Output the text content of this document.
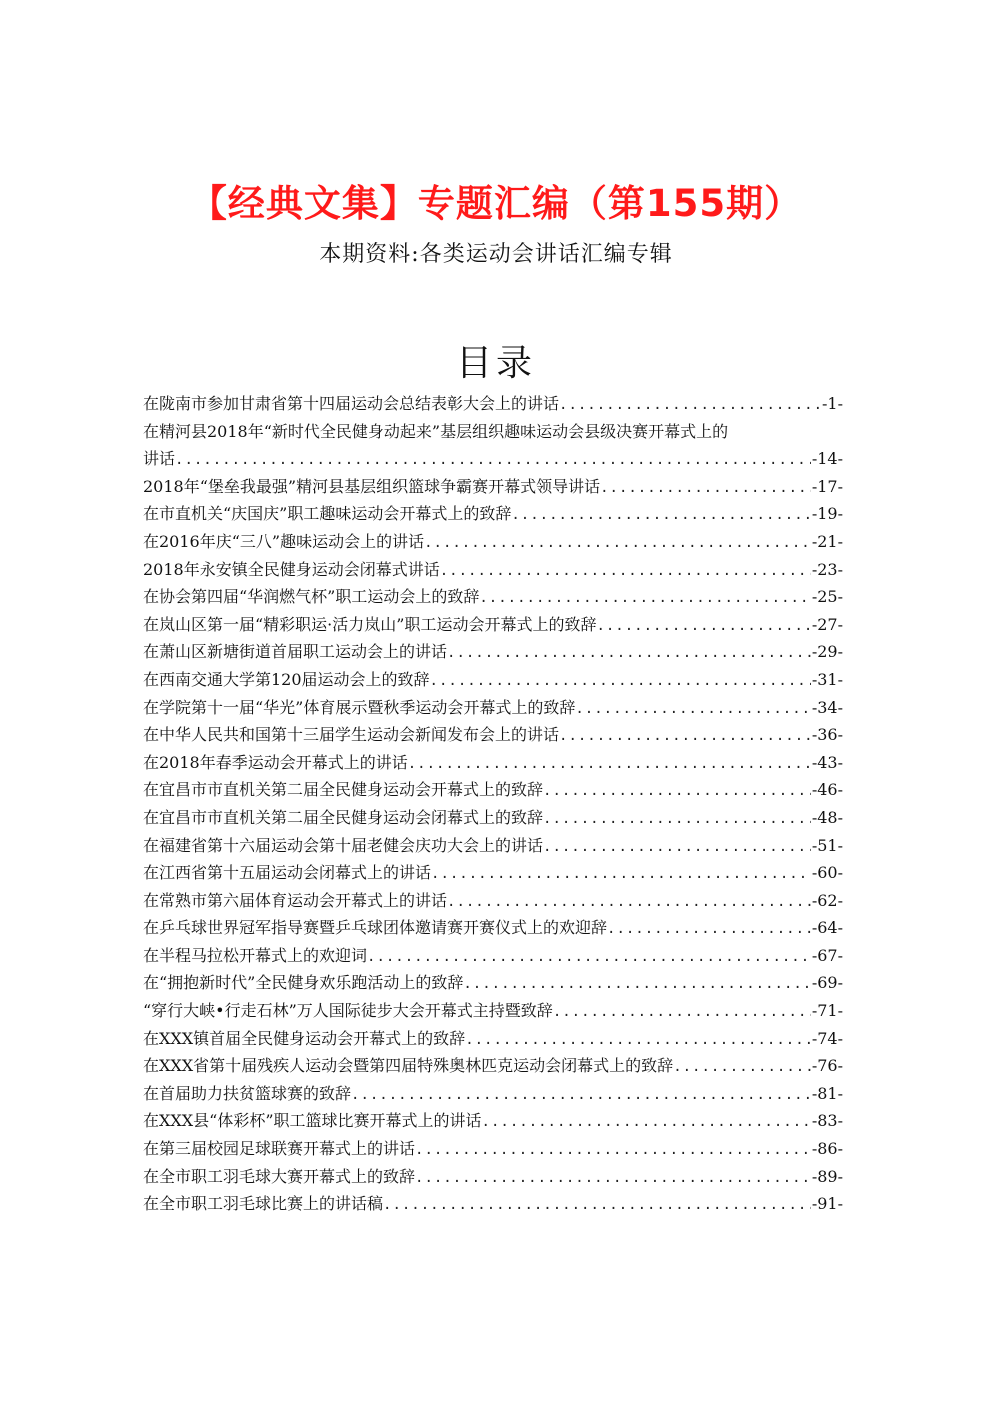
【经典文集】专题汇编（第155期）
本期资料:各类运动会讲话汇编专辑
目录
在陇南市参加甘肃省第十四届运动会总结表彰大会上的讲话 .....	-1-
在精河县2018年“新时代全民健身动起来”基层组织趣味运动会县级决赛开幕式上的
讲话 .....	-14-
2018年“堡垒我最强”精河县基层组织篮球争霸赛开幕式领导讲话 .....	-17-
在市直机关“庆国庆”职工趣味运动会开幕式上的致辞 .....	-19-
在2016年庆“三八”趣味运动会上的讲话 .....	-21-
2018年永安镇全民健身运动会闭幕式讲话 .....	-23-
在协会第四届“华润燃气杯”职工运动会上的致辞 .....	-25-
在岚山区第一届“精彩职运·活力岚山”职工运动会开幕式上的致辞 .....	-27-
在萧山区新塘街道首届职工运动会上的讲话 .....	-29-
在西南交通大学第120届运动会上的致辞 .....	-31-
在学院第十一届“华光”体育展示暨秋季运动会开幕式上的致辞 .....	-34-
在中华人民共和国第十三届学生运动会新闻发布会上的讲话 .....	-36-
在2018年春季运动会开幕式上的讲话 .....	-43-
在宜昌市市直机关第二届全民健身运动会开幕式上的致辞 .....	-46-
在宜昌市市直机关第二届全民健身运动会闭幕式上的致辞 .....	-48-
在福建省第十六届运动会第十届老健会庆功大会上的讲话 .....	-51-
在江西省第十五届运动会闭幕式上的讲话 .....	-60-
在常熟市第六届体育运动会开幕式上的讲话 .....	-62-
在乒乓球世界冠军指导赛暨乒乓球团体邀请赛开赛仪式上的欢迎辞 .....	-64-
在半程马拉松开幕式上的欢迎词 .....	-67-
在“拥抱新时代”全民健身欢乐跑活动上的致辞 .....	-69-
“穿行大峡•行走石林”万人国际徒步大会开幕式主持暨致辞 .....	-71-
在XXX镇首届全民健身运动会开幕式上的致辞 .....	-74-
在XXX省第十届残疾人运动会暨第四届特殊奥林匹克运动会闭幕式上的致辞 .....	-76-
在首届助力扶贫篮球赛的致辞 .....	-81-
在XXX县“体彩杯”职工篮球比赛开幕式上的讲话 .....	-83-
在第三届校园足球联赛开幕式上的讲话 .....	-86-
在全市职工羽毛球大赛开幕式上的致辞 .....	-89-
在全市职工羽毛球比赛上的讲话稿 .....	-91-
